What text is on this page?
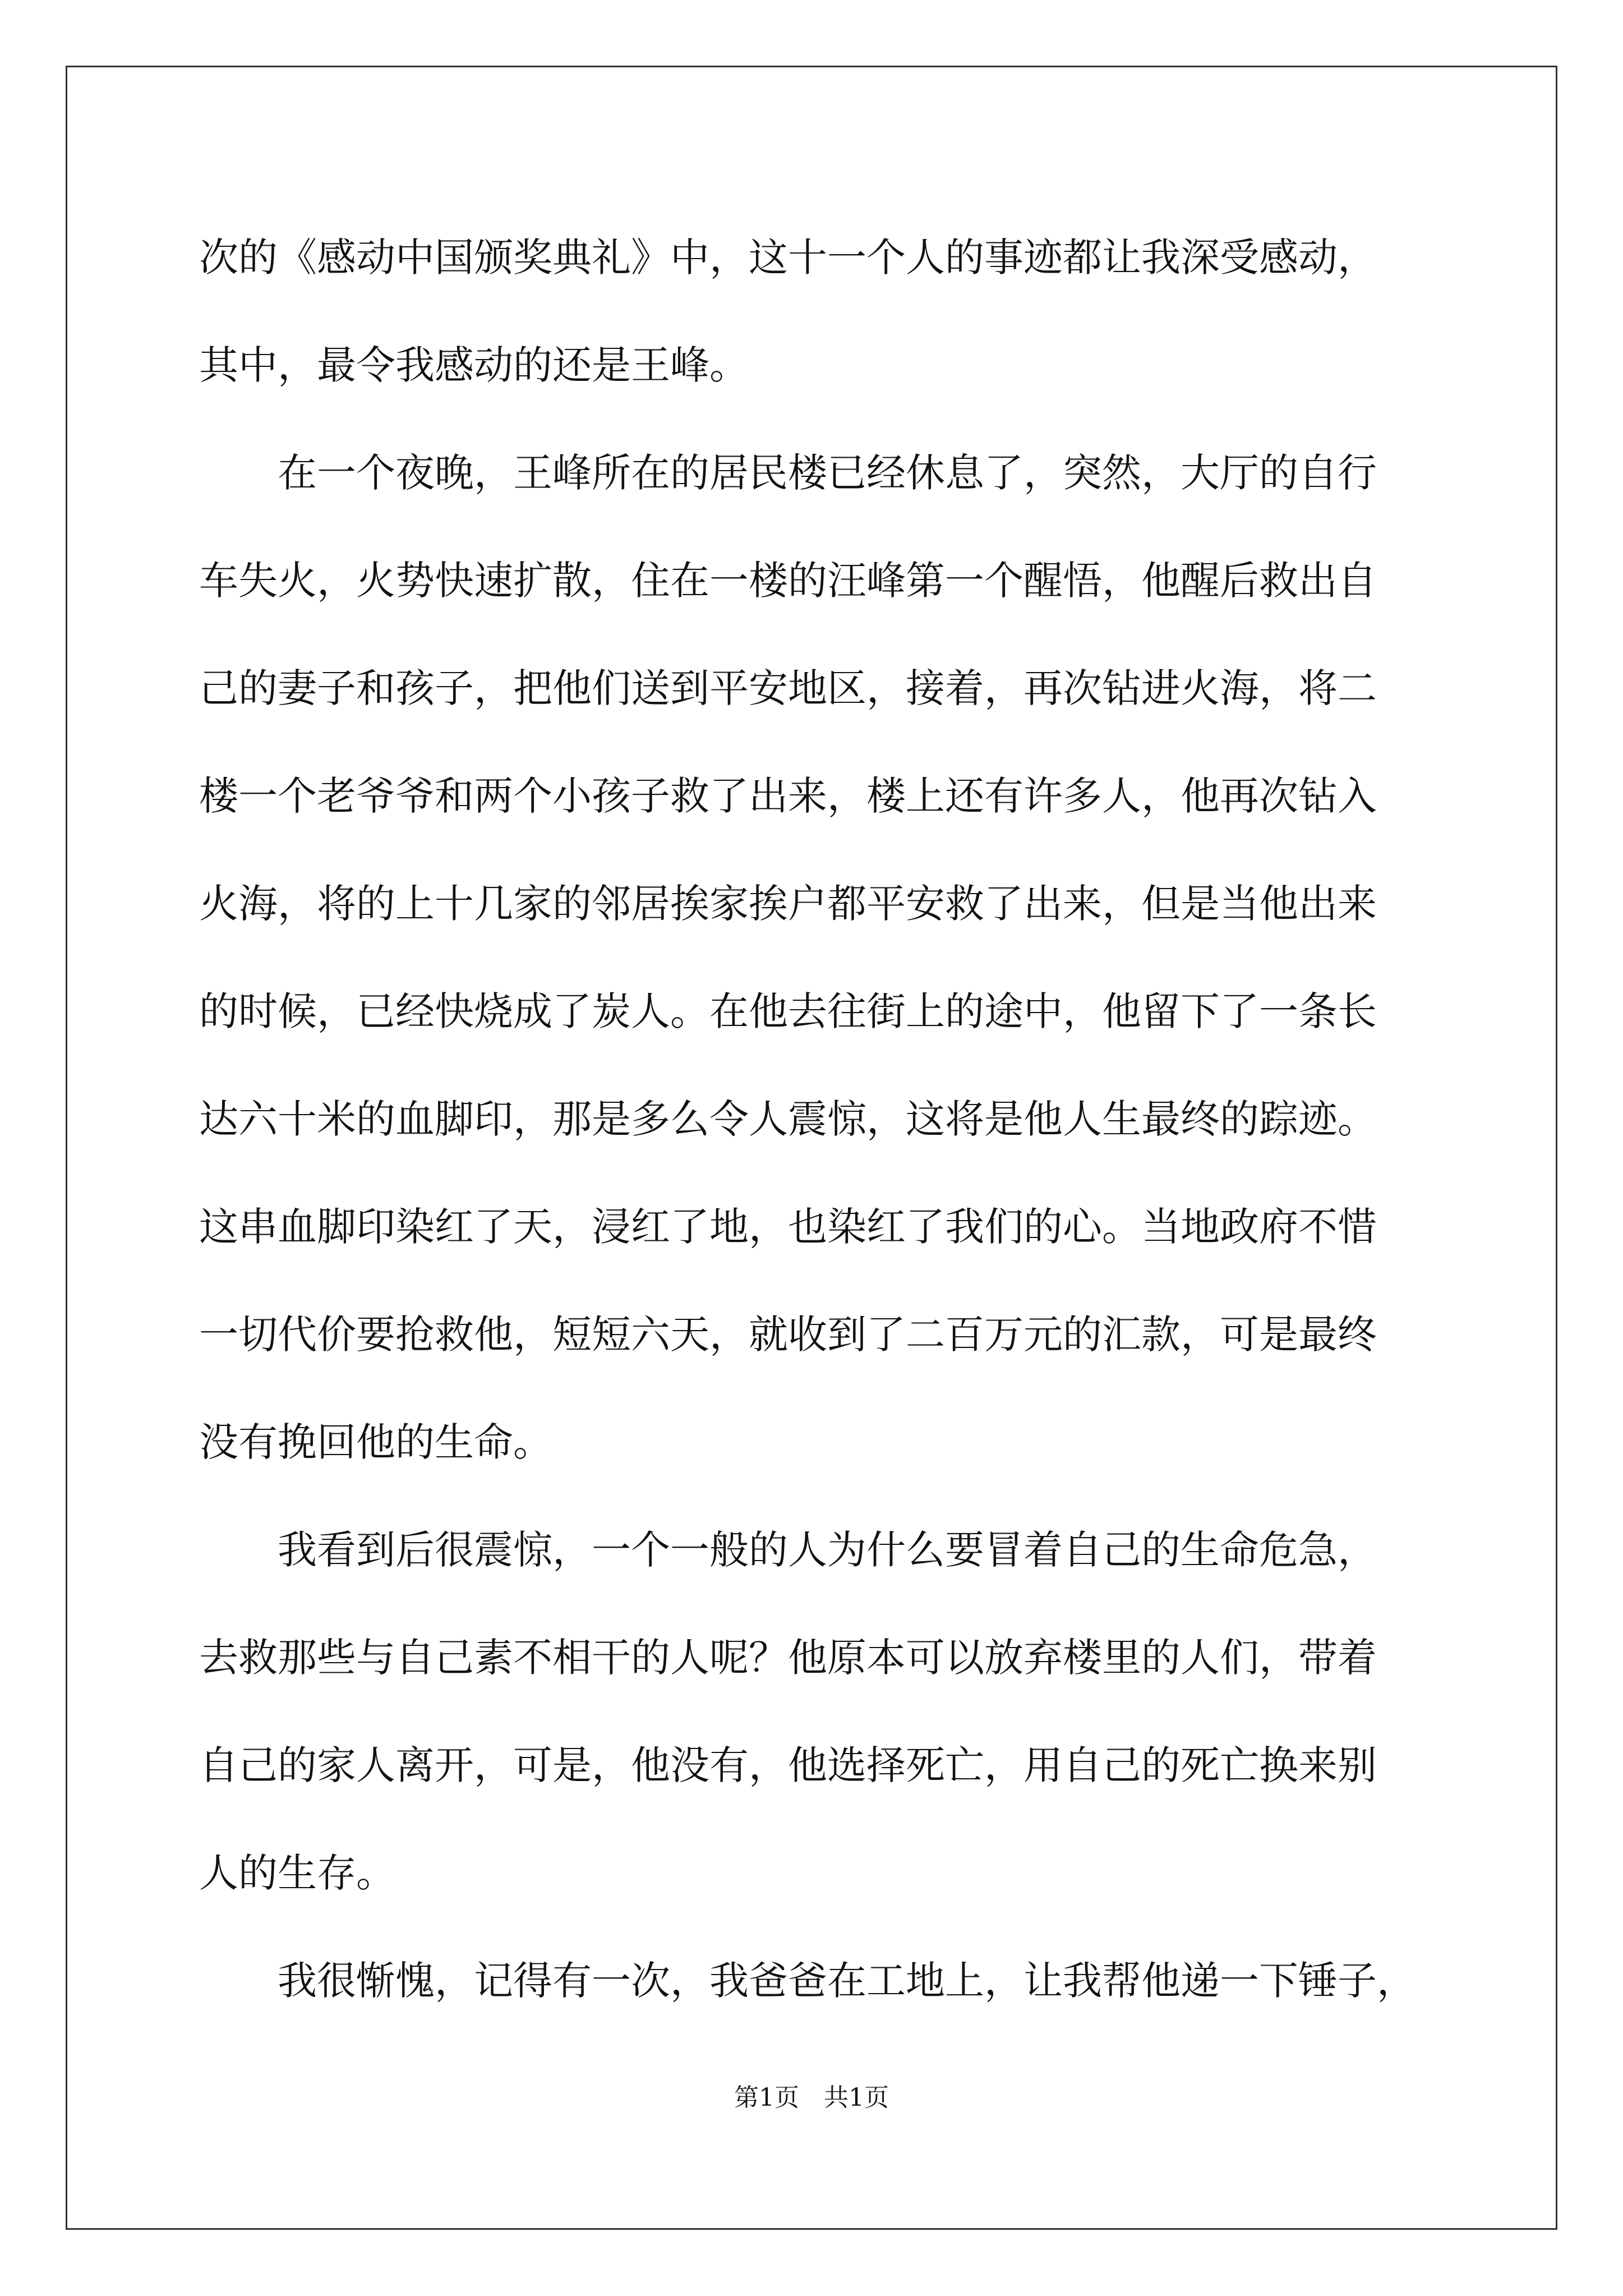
次的《感动中国颁奖典礼》中，这十一个人的事迹都让我深受感动，
其中，最令我感动的还是王峰。
　　在一个夜晚，王峰所在的居民楼已经休息了，突然，大厅的自行
车失火，火势快速扩散，住在一楼的汪峰第一个醒悟，他醒后救出自
己的妻子和孩子，把他们送到平安地区，接着，再次钻进火海，将二
楼一个老爷爷和两个小孩子救了出来，楼上还有许多人，他再次钻入
火海，将的上十几家的邻居挨家挨户都平安救了出来，但是当他出来
的时候，已经快烧成了炭人。在他去往街上的途中，他留下了一条长
达六十米的血脚印，那是多么令人震惊，这将是他人生最终的踪迹。
这串血脚印染红了天，浸红了地，也染红了我们的心。当地政府不惜
一切代价要抢救他，短短六天，就收到了二百万元的汇款，可是最终
没有挽回他的生命。
　　我看到后很震惊，一个一般的人为什么要冒着自己的生命危急，
去救那些与自己素不相干的人呢？他原本可以放弃楼里的人们，带着
自己的家人离开，可是，他没有，他选择死亡，用自己的死亡换来别
人的生存。
　　我很惭愧，记得有一次，我爸爸在工地上，让我帮他递一下锤子，
第1页　共1页
